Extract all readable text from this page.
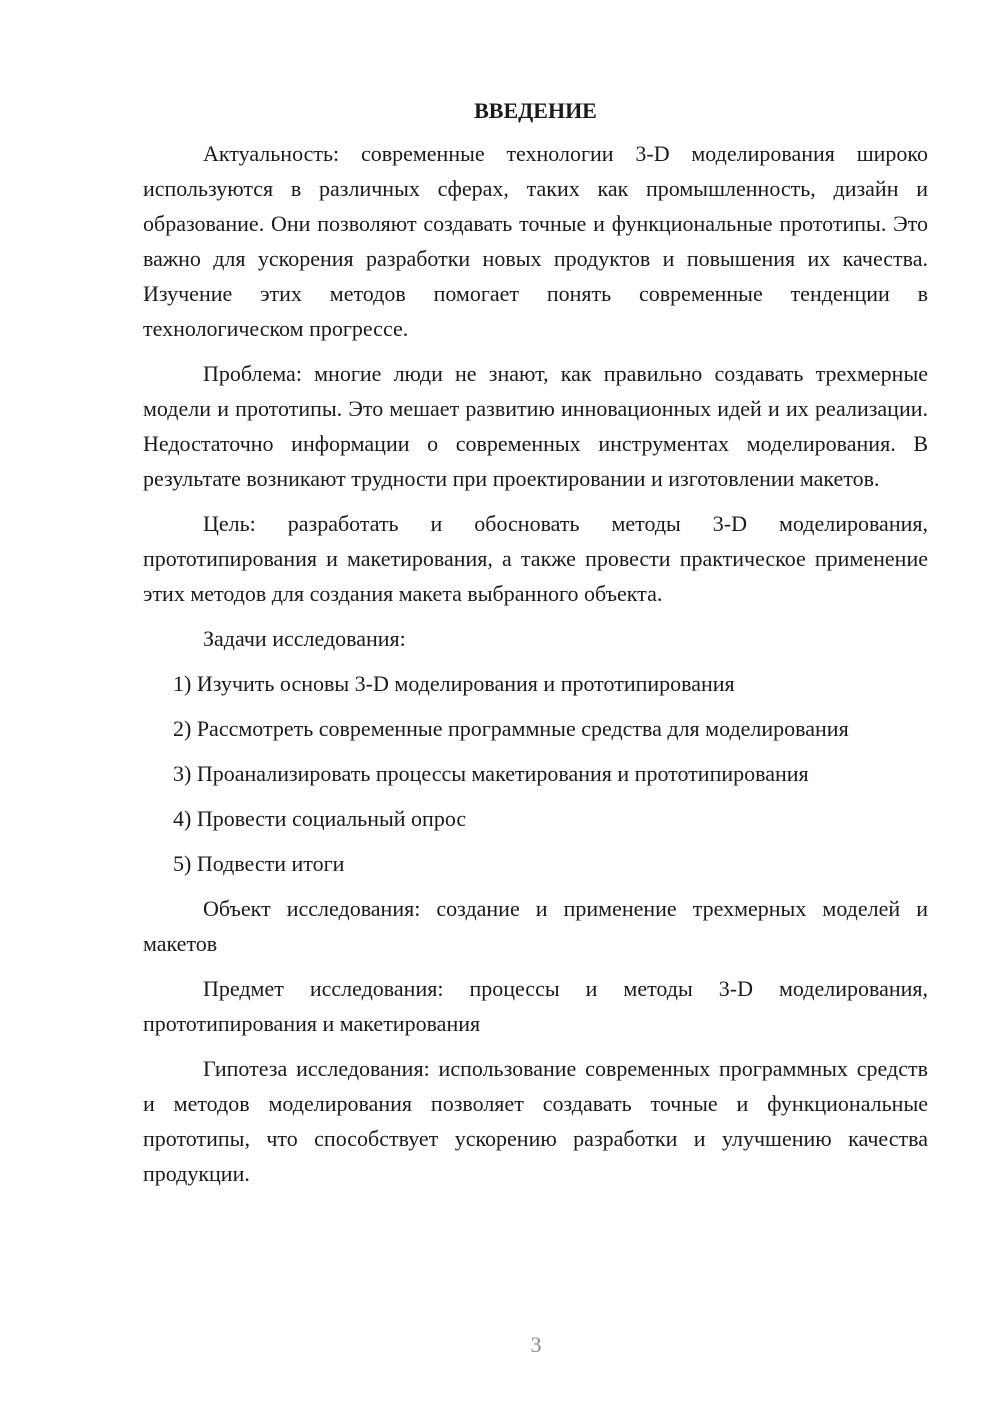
ВВЕДЕНИЕ

Актуальность: современные технологии 3-D моделирования широко используются в различных сферах, таких как промышленность, дизайн и образование. Они позволяют создавать точные и функциональные прототипы. Это важно для ускорения разработки новых продуктов и повышения их качества. Изучение этих методов помогает понять современные тенденции в технологическом прогрессе.

Проблема: многие люди не знают, как правильно создавать трехмерные модели и прототипы. Это мешает развитию инновационных идей и их реализации. Недостаточно информации о современных инструментах моделирования. В результате возникают трудности при проектировании и изготовлении макетов.

Цель: разработать и обосновать методы 3-D моделирования, прототипирования и макетирования, а также провести практическое применение этих методов для создания макета выбранного объекта.

Задачи исследования:

1) Изучить основы 3-D моделирования и прототипирования

2) Рассмотреть современные программные средства для моделирования

3) Проанализировать процессы макетирования и прототипирования

4) Провести социальный опрос

5) Подвести итоги

Объект исследования: создание и применение трехмерных моделей и макетов

Предмет исследования: процессы и методы 3-D моделирования, прототипирования и макетирования

Гипотеза исследования: использование современных программных средств и методов моделирования позволяет создавать точные и функциональные прототипы, что способствует ускорению разработки и улучшению качества продукции.

3
